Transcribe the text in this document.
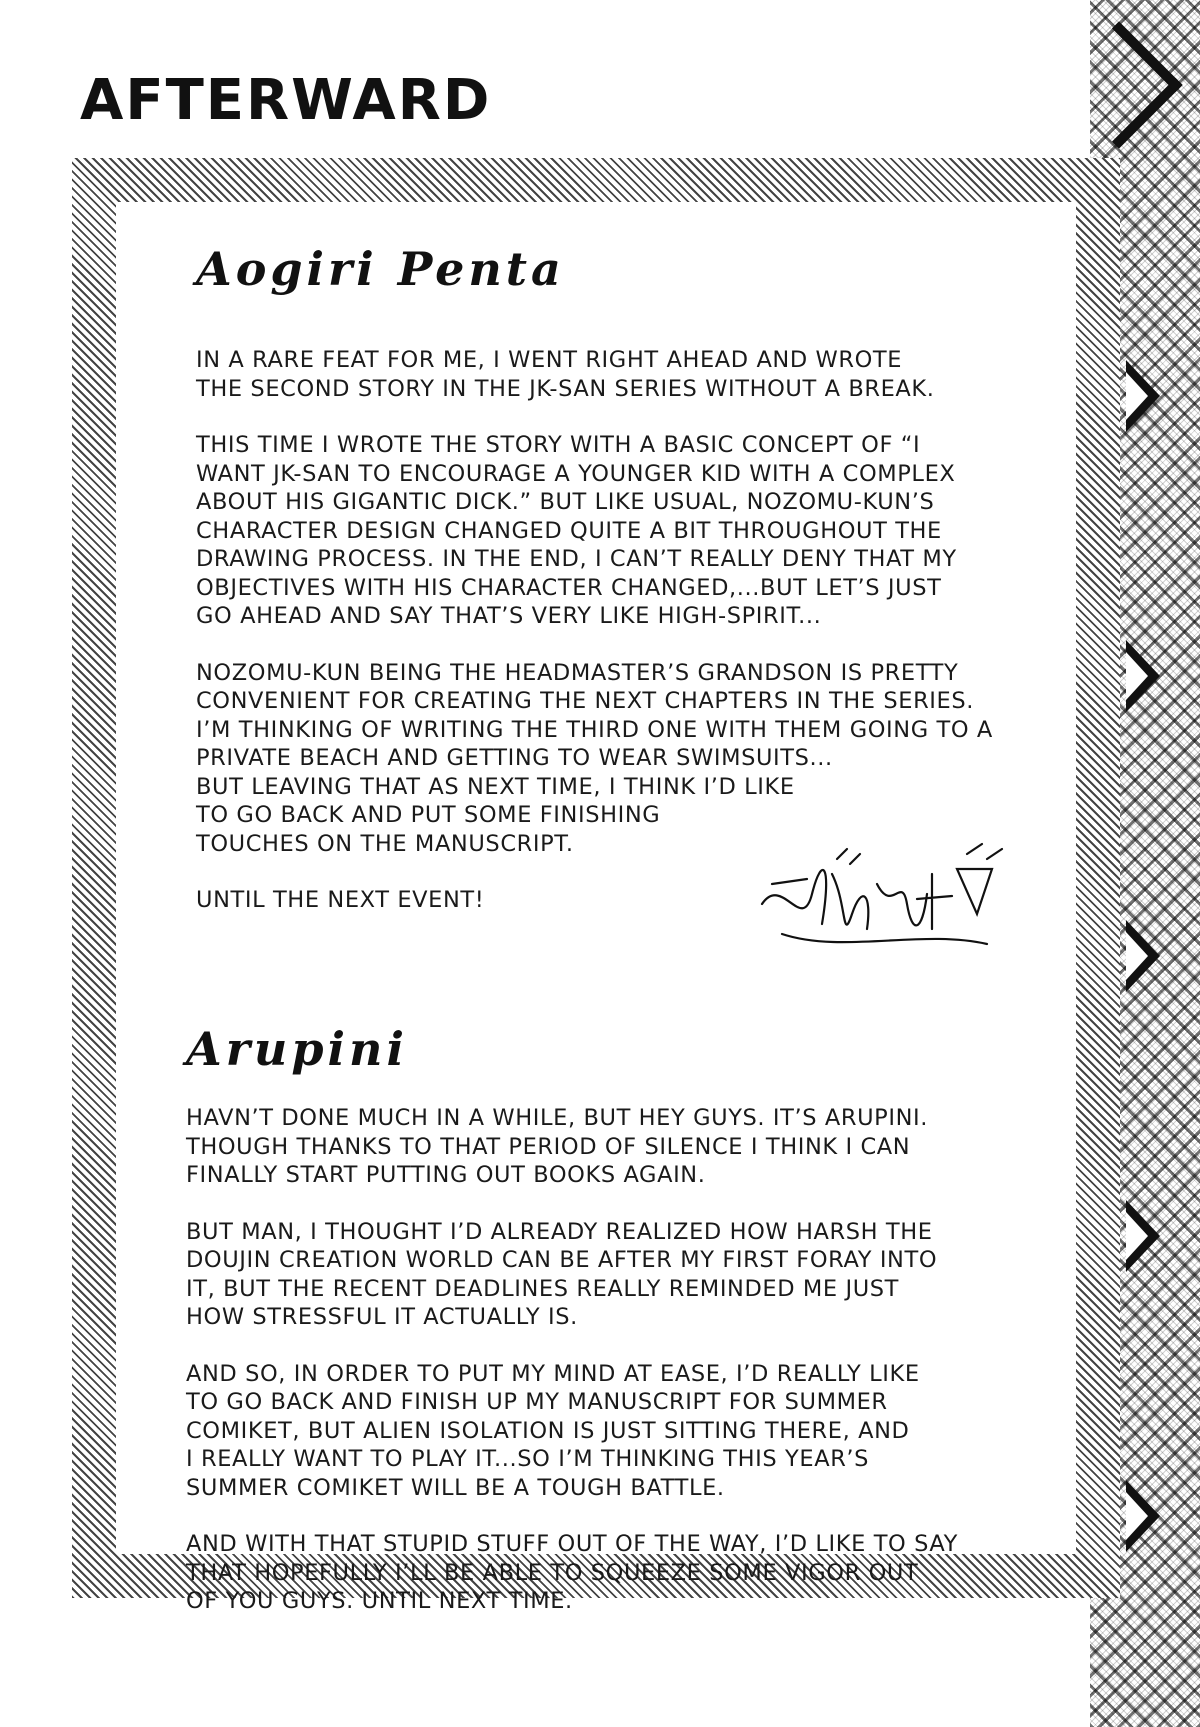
AFTERWARD
Aogiri Penta

IN A RARE FEAT FOR ME, I WENT RIGHT AHEAD AND WROTE
THE SECOND STORY IN THE JK-SAN SERIES WITHOUT A BREAK.

THIS TIME I WROTE THE STORY WITH A BASIC CONCEPT OF “I
WANT JK-SAN TO ENCOURAGE A YOUNGER KID WITH A COMPLEX
ABOUT HIS GIGANTIC DICK.” BUT LIKE USUAL, NOZOMU-KUN’S
CHARACTER DESIGN CHANGED QUITE A BIT THROUGHOUT THE
DRAWING PROCESS. IN THE END, I CAN’T REALLY DENY THAT MY
OBJECTIVES WITH HIS CHARACTER CHANGED,...BUT LET’S JUST
GO AHEAD AND SAY THAT’S VERY LIKE HIGH-SPIRIT...

NOZOMU-KUN BEING THE HEADMASTER’S GRANDSON IS PRETTY
CONVENIENT FOR CREATING THE NEXT CHAPTERS IN THE SERIES.
I’M THINKING OF WRITING THE THIRD ONE WITH THEM GOING TO A
PRIVATE BEACH AND GETTING TO WEAR SWIMSUITS...
BUT LEAVING THAT AS NEXT TIME, I THINK I’D LIKE
TO GO BACK AND PUT SOME FINISHING
TOUCHES ON THE MANUSCRIPT.

UNTIL THE NEXT EVENT!

Arupini

HAVN’T DONE MUCH IN A WHILE, BUT HEY GUYS. IT’S ARUPINI.
THOUGH THANKS TO THAT PERIOD OF SILENCE I THINK I CAN
FINALLY START PUTTING OUT BOOKS AGAIN.

BUT MAN, I THOUGHT I’D ALREADY REALIZED HOW HARSH THE
DOUJIN CREATION WORLD CAN BE AFTER MY FIRST FORAY INTO
IT, BUT THE RECENT DEADLINES REALLY REMINDED ME JUST
HOW STRESSFUL IT ACTUALLY IS.

AND SO, IN ORDER TO PUT MY MIND AT EASE, I’D REALLY LIKE
TO GO BACK AND FINISH UP MY MANUSCRIPT FOR SUMMER
COMIKET, BUT ALIEN ISOLATION IS JUST SITTING THERE, AND
I REALLY WANT TO PLAY IT...SO I’M THINKING THIS YEAR’S
SUMMER COMIKET WILL BE A TOUGH BATTLE.

AND WITH THAT STUPID STUFF OUT OF THE WAY, I’D LIKE TO SAY
THAT HOPEFULLY I’LL BE ABLE TO SQUEEZE SOME VIGOR OUT
OF YOU GUYS. UNTIL NEXT TIME.
